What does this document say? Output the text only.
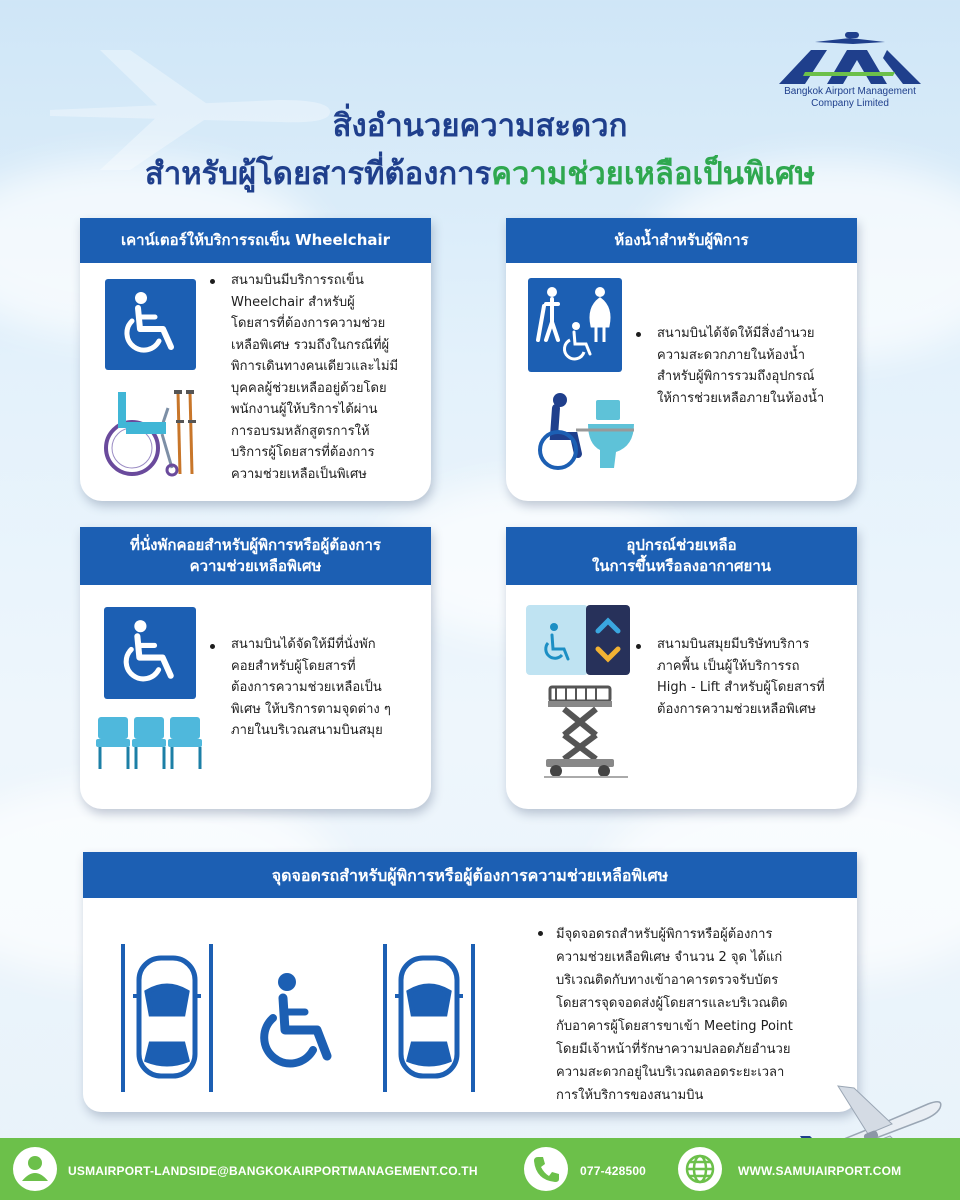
Bangkok Airport Management
Company Limited
สิ่งอำนวยความสะดวก
สำหรับผู้โดยสารที่ต้องการความช่วยเหลือเป็นพิเศษ
เคาน์เตอร์ให้บริการรถเข็น Wheelchair
สนามบินมีบริการรถเข็น
Wheelchair สำหรับผู้
โดยสารที่ต้องการความช่วย
เหลือพิเศษ รวมถึงในกรณีที่ผู้
พิการเดินทางคนเดียวและไม่มี
บุคคลผู้ช่วยเหลืออยู่ด้วยโดย
พนักงานผู้ให้บริการได้ผ่าน
การอบรมหลักสูตรการให้
บริการผู้โดยสารที่ต้องการ
ความช่วยเหลือเป็นพิเศษ
ห้องน้ำสำหรับผู้พิการ
สนามบินได้จัดให้มีสิ่งอำนวย
ความสะดวกภายในห้องน้ำ
สำหรับผู้พิการรวมถึงอุปกรณ์
ให้การช่วยเหลือภายในห้องน้ำ
ที่นั่งพักคอยสำหรับผู้พิการหรือผู้ต้องการ
ความช่วยเหลือพิเศษ
สนามบินได้จัดให้มีที่นั่งพัก
คอยสำหรับผู้โดยสารที่
ต้องการความช่วยเหลือเป็น
พิเศษ ให้บริการตามจุดต่าง ๆ
ภายในบริเวณสนามบินสมุย
อุปกรณ์ช่วยเหลือ
ในการขึ้นหรือลงอากาศยาน
สนามบินสมุยมีบริษัทบริการ
ภาคพื้น เป็นผู้ให้บริการรถ
High - Lift สำหรับผู้โดยสารที่
ต้องการความช่วยเหลือพิเศษ
จุดจอดรถสำหรับผู้พิการหรือผู้ต้องการความช่วยเหลือพิเศษ
มีจุดจอดรถสำหรับผู้พิการหรือผู้ต้องการ
ความช่วยเหลือพิเศษ จำนวน 2 จุด ได้แก่
บริเวณติดกับทางเข้าอาคารตรวจรับบัตร
โดยสารจุดจอดส่งผู้โดยสารและบริเวณติด
กับอาคารผู้โดยสารขาเข้า Meeting Point
โดยมีเจ้าหน้าที่รักษาความปลอดภัยอำนวย
ความสะดวกอยู่ในบริเวณตลอดระยะเวลา
การให้บริการของสนามบิน
USMAIRPORT-LANDSIDE@BANGKOKAIRPORTMANAGEMENT.CO.TH	077-428500	WWW.SAMUIAIRPORT.COM
